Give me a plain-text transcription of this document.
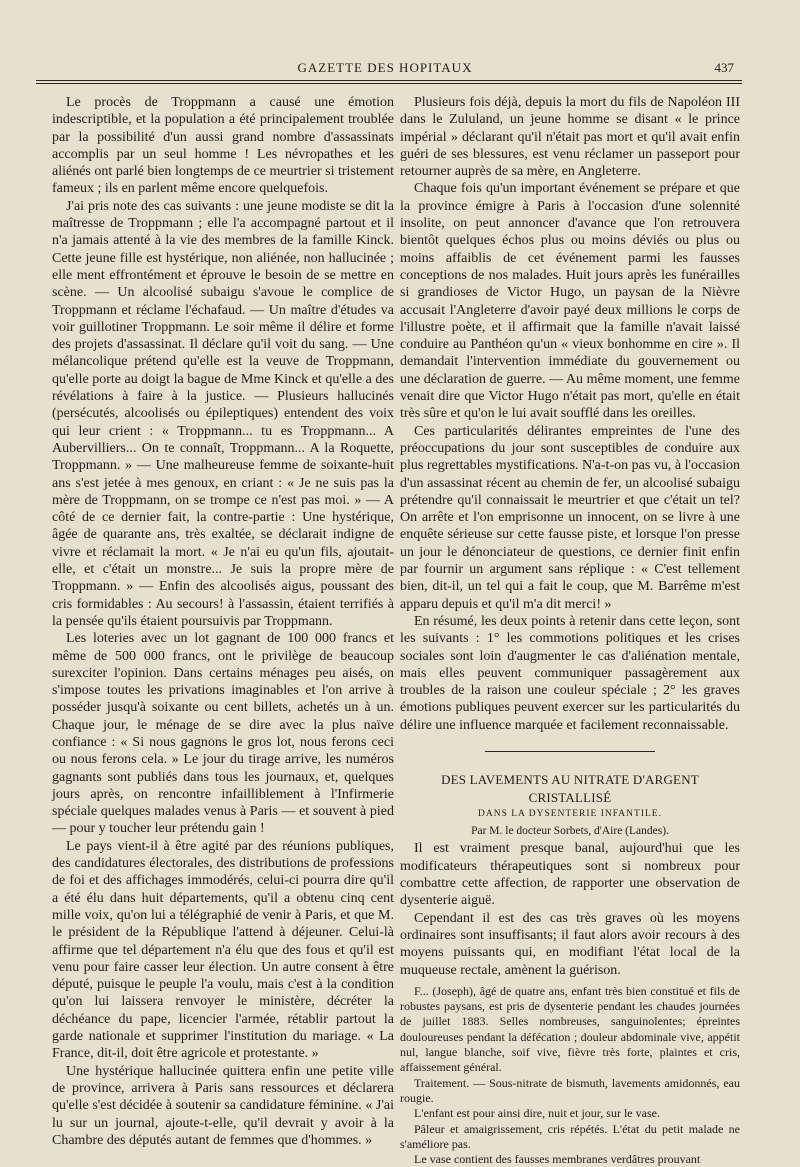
GAZETTE DES HOPITAUX	437

Le procès de Troppmann a causé une émotion indescriptible, et la population a été principalement troublée par la possibilité d'un aussi grand nombre d'assassinats accomplis par un seul homme ! Les névropathes et les aliénés ont parlé bien longtemps de ce meurtrier si tristement fameux ; ils en parlent même encore quelquefois.

J'ai pris note des cas suivants : une jeune modiste se dit la maîtresse de Troppmann ; elle l'a accompagné partout et il n'a jamais attenté à la vie des membres de la famille Kinck. Cette jeune fille est hystérique, non aliénée, non hallucinée ; elle ment effrontément et éprouve le besoin de se mettre en scène. — Un alcoolisé subaigu s'avoue le complice de Troppmann et réclame l'échafaud. — Un maître d'études va voir guillotiner Troppmann. Le soir même il délire et forme des projets d'assassinat. Il déclare qu'il voit du sang. — Une mélancolique prétend qu'elle est la veuve de Troppmann, qu'elle porte au doigt la bague de Mme Kinck et qu'elle a des révélations à faire à la justice. — Plusieurs hallucinés (persécutés, alcoolisés ou épileptiques) entendent des voix qui leur crient : « Troppmann... tu es Troppmann... A Aubervilliers... On te connaît, Troppmann... A la Roquette, Troppmann. » — Une malheureuse femme de soixante-huit ans s'est jetée à mes genoux, en criant : « Je ne suis pas la mère de Troppmann, on se trompe ce n'est pas moi. » — A côté de ce dernier fait, la contre-partie : Une hystérique, âgée de quarante ans, très exaltée, se déclarait indigne de vivre et réclamait la mort. « Je n'ai eu qu'un fils, ajoutait-elle, et c'était un monstre... Je suis la propre mère de Troppmann. » — Enfin des alcoolisés aigus, poussant des cris formidables : Au secours! à l'assassin, étaient terrifiés à la pensée qu'ils étaient poursuivis par Troppmann.

Les loteries avec un lot gagnant de 100 000 francs et même de 500 000 francs, ont le privilège de beaucoup surexciter l'opinion. Dans certains ménages peu aisés, on s'impose toutes les privations imaginables et l'on arrive à posséder jusqu'à soixante ou cent billets, achetés un à un. Chaque jour, le ménage de se dire avec la plus naïve confiance : « Si nous gagnons le gros lot, nous ferons ceci ou nous ferons cela. » Le jour du tirage arrive, les numéros gagnants sont publiés dans tous les journaux, et, quelques jours après, on rencontre infailliblement à l'Infirmerie spéciale quelques malades venus à Paris — et souvent à pied — pour y toucher leur prétendu gain !

Le pays vient-il à être agité par des réunions publiques, des candidatures électorales, des distributions de professions de foi et des affichages immodérés, celui-ci pourra dire qu'il a été élu dans huit départements, qu'il a obtenu cinq cent mille voix, qu'on lui a télégraphié de venir à Paris, et que M. le président de la République l'attend à déjeuner. Celui-là affirme que tel département n'a élu que des fous et qu'il est venu pour faire casser leur élection. Un autre consent à être député, puisque le peuple l'a voulu, mais c'est à la condition qu'on lui laissera renvoyer le ministère, décréter la déchéance du pape, licencier l'armée, rétablir partout la garde nationale et supprimer l'institution du mariage. « La France, dit-il, doit être agricole et protestante. »

Une hystérique hallucinée quittera enfin une petite ville de province, arrivera à Paris sans ressources et déclarera qu'elle s'est décidée à soutenir sa candidature féminine. « J'ai lu sur un journal, ajoute-t-elle, qu'il devrait y avoir à la Chambre des députés autant de femmes que d'hommes. »

Plusieurs fois déjà, depuis la mort du fils de Napoléon III dans le Zululand, un jeune homme se disant « le prince impérial » déclarant qu'il n'était pas mort et qu'il avait enfin guéri de ses blessures, est venu réclamer un passeport pour retourner auprès de sa mère, en Angleterre.

Chaque fois qu'un important événement se prépare et que la province émigre à Paris à l'occasion d'une solennité insolite, on peut annoncer d'avance que l'on retrouvera bientôt quelques échos plus ou moins déviés ou plus ou moins affaiblis de cet événement parmi les fausses conceptions de nos malades. Huit jours après les funérailles si grandioses de Victor Hugo, un paysan de la Nièvre accusait l'Angleterre d'avoir payé deux millions le corps de l'illustre poète, et il affirmait que la famille n'avait laissé conduire au Panthéon qu'un « vieux bonhomme en cire ». Il demandait l'intervention immédiate du gouvernement ou une déclaration de guerre. — Au même moment, une femme venait dire que Victor Hugo n'était pas mort, qu'elle en était très sûre et qu'on le lui avait soufflé dans les oreilles.

Ces particularités délirantes empreintes de l'une des préoccupations du jour sont susceptibles de conduire aux plus regrettables mystifications. N'a-t-on pas vu, à l'occasion d'un assassinat récent au chemin de fer, un alcoolisé subaigu prétendre qu'il connaissait le meurtrier et que c'était un tel? On arrête et l'on emprisonne un innocent, on se livre à une enquête sérieuse sur cette fausse piste, et lorsque l'on presse un jour le dénonciateur de questions, ce dernier finit enfin par fournir un argument sans réplique : « C'est tellement bien, dit-il, un tel qui a fait le coup, que M. Barrême m'est apparu depuis et qu'il m'a dit merci! »

En résumé, les deux points à retenir dans cette leçon, sont les suivants : 1° les commotions politiques et les crises sociales sont loin d'augmenter le cas d'aliénation mentale, mais elles peuvent communiquer passagèrement aux troubles de la raison une couleur spéciale ; 2° les graves émotions publiques peuvent exercer sur les particularités du délire une influence marquée et facilement reconnaissable.

DES LAVEMENTS AU NITRATE D'ARGENT CRISTALLISÉ

DANS LA DYSENTERIE INFANTILE.

Par M. le docteur Sorbets, d'Aire (Landes).

Il est vraiment presque banal, aujourd'hui que les modificateurs thérapeutiques sont si nombreux pour combattre cette affection, de rapporter une observation de dysenterie aiguë.

Cependant il est des cas très graves où les moyens ordinaires sont insuffisants; il faut alors avoir recours à des moyens puissants qui, en modifiant l'état local de la muqueuse rectale, amènent la guérison.

F... (Joseph), âgé de quatre ans, enfant très bien constitué et fils de robustes paysans, est pris de dysenterie pendant les chaudes journées de juillet 1883. Selles nombreuses, sanguinolentes; épreintes douloureuses pendant la défécation ; douleur abdominale vive, appétit nul, langue blanche, soif vive, fièvre très forte, plaintes et cris, affaissement général.

Traitement. — Sous-nitrate de bismuth, lavements amidonnés, eau rougie.

L'enfant est pour ainsi dire, nuit et jour, sur le vase.

Pâleur et amaigrissement, cris répétés. L'état du petit malade ne s'améliore pas.

Le vase contient des fausses membranes verdâtres prouvant
